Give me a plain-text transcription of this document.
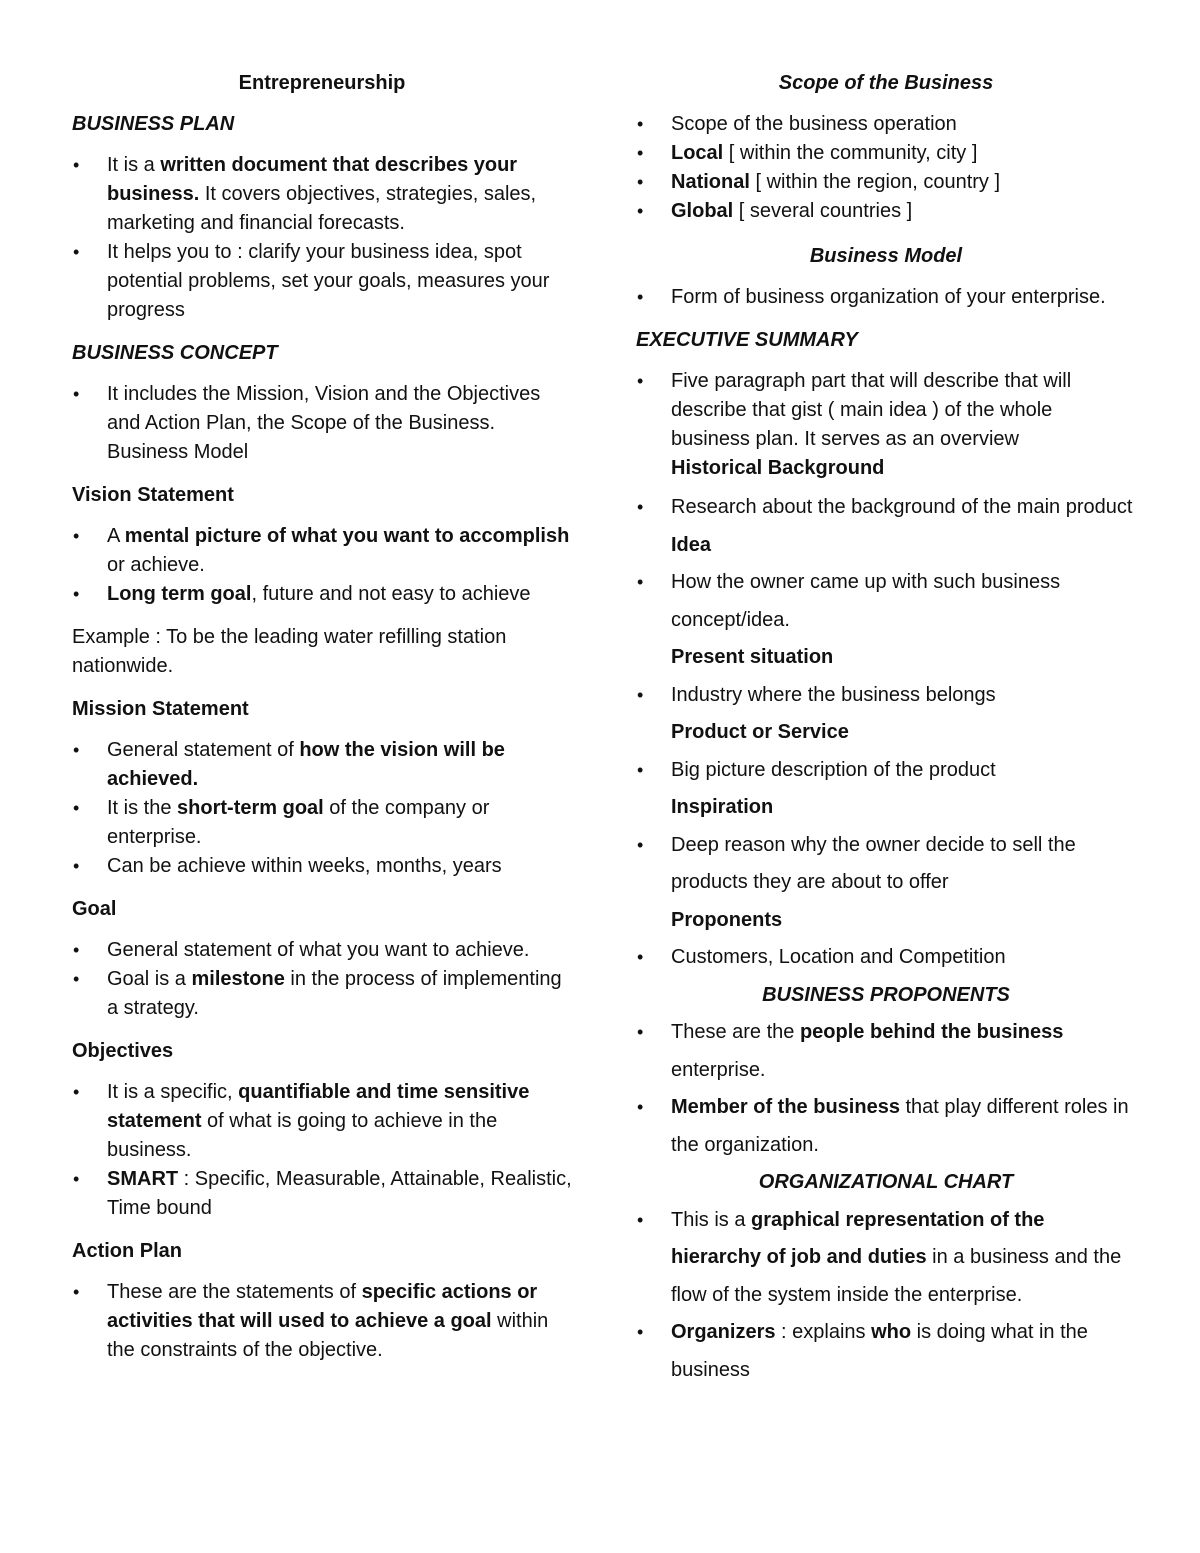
Entrepreneurship

BUSINESS PLAN

• It is a written document that describes your business. It covers objectives, strategies, sales, marketing and financial forecasts.
• It helps you to : clarify your business idea, spot potential problems, set your goals, measures your progress

BUSINESS CONCEPT

• It includes the Mission, Vision and the Objectives and Action Plan, the Scope of the Business. Business Model

Vision Statement

• A mental picture of what you want to accomplish or achieve.
• Long term goal, future and not easy to achieve

Example : To be the leading water refilling station nationwide.

Mission Statement

• General statement of how the vision will be achieved.
• It is the short-term goal of the company or enterprise.
• Can be achieve within weeks, months, years

Goal

• General statement of what you want to achieve.
• Goal is a milestone in the process of implementing a strategy.

Objectives

• It is a specific, quantifiable and time sensitive statement of what is going to achieve in the business.
• SMART : Specific, Measurable, Attainable, Realistic, Time bound

Action Plan

• These are the statements of specific actions or activities that will used to achieve a goal within the constraints of the objective.

Scope of the Business

• Scope of the business operation
• Local [ within the community, city ]
• National [ within the region, country ]
• Global [ several countries ]

Business Model

• Form of business organization of your enterprise.

EXECUTIVE SUMMARY

• Five paragraph part that will describe that will describe that gist ( main idea ) of the whole business plan. It serves as an overview

Historical Background

• Research about the background of the main product

Idea

• How the owner came up with such business concept/idea.

Present situation

• Industry where the business belongs

Product or Service

• Big picture description of the product

Inspiration

• Deep reason why the owner decide to sell the products they are about to offer

Proponents

• Customers, Location and Competition

BUSINESS PROPONENTS

• These are the people behind the business enterprise.
• Member of the business that play different roles in the organization.

ORGANIZATIONAL CHART

• This is a graphical representation of the hierarchy of job and duties in a business and the flow of the system inside the enterprise.
• Organizers : explains who is doing what in the business
